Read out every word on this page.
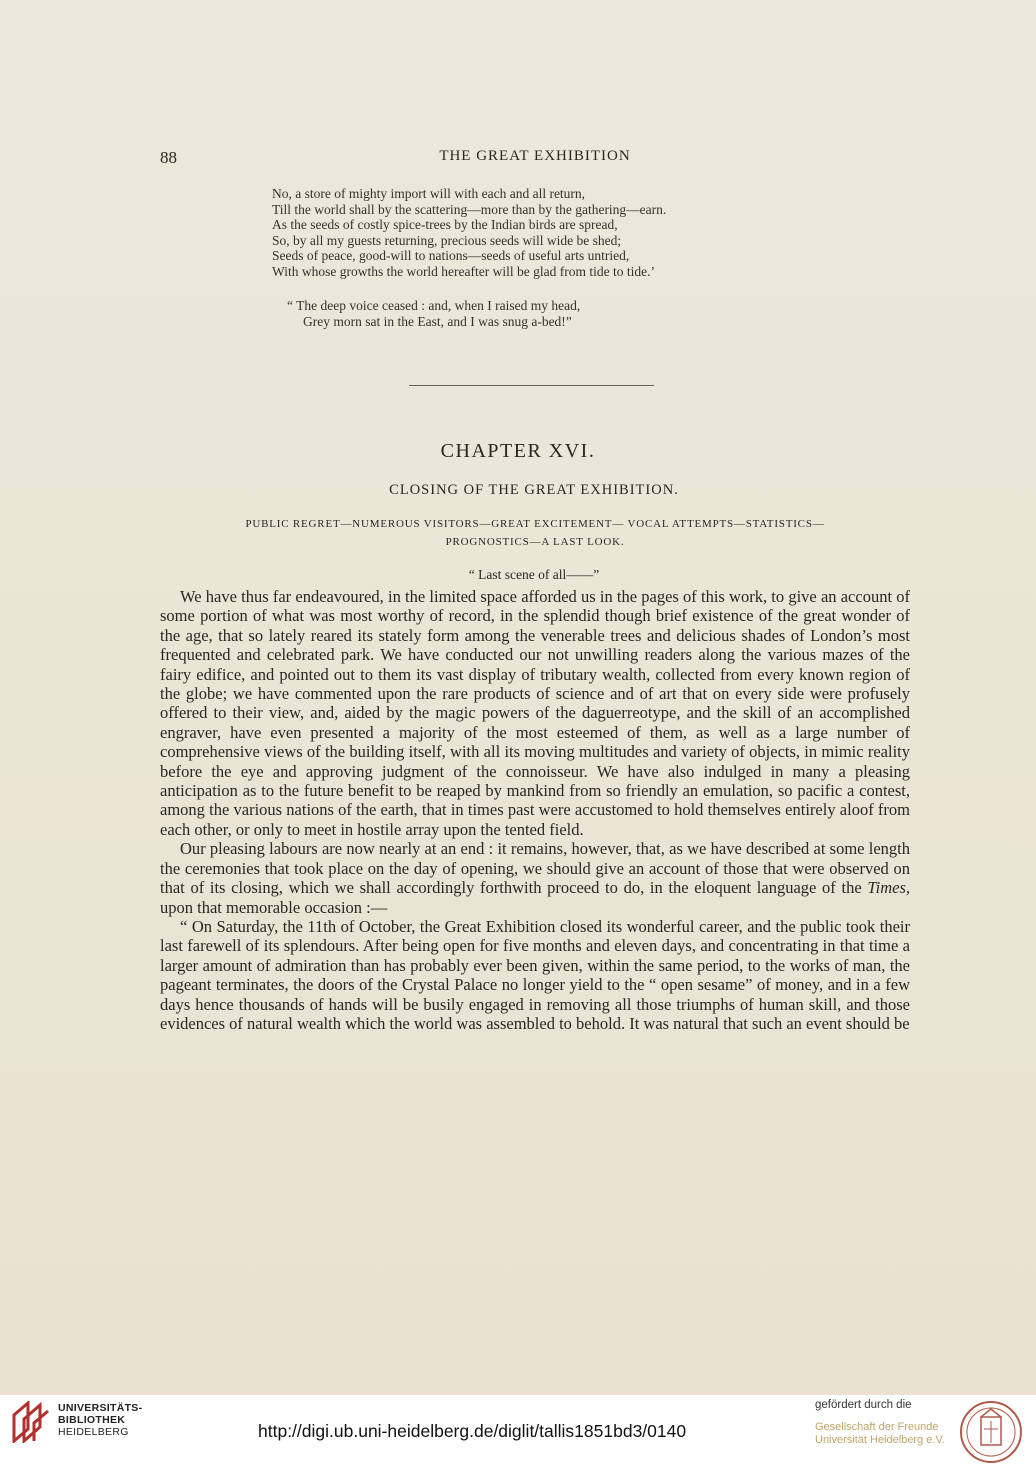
88	THE GREAT EXHIBITION
No, a store of mighty import will with each and all return,
Till the world shall by the scattering—more than by the gathering—earn.
As the seeds of costly spice-trees by the Indian birds are spread,
So, by all my guests returning, precious seeds will wide be shed;
Seeds of peace, good-will to nations—seeds of useful arts untried,
With whose growths the world hereafter will be glad from tide to tide.’
“ The deep voice ceased : and, when I raised my head,
Grey morn sat in the East, and I was snug a-bed!”
CHAPTER XVI.
CLOSING OF THE GREAT EXHIBITION.
PUBLIC REGRET—NUMEROUS VISITORS—GREAT EXCITEMENT— VOCAL ATTEMPTS—STATISTICS—
PROGNOSTICS—A LAST LOOK.
“ Last scene of all——”

We have thus far endeavoured, in the limited space afforded us in the pages of this work, to give an account of some portion of what was most worthy of record, in the splendid though brief existence of the great wonder of the age, that so lately reared its stately form among the venerable trees and delicious shades of London’s most frequented and celebrated park. We have conducted our not unwilling readers along the various mazes of the fairy edifice, and pointed out to them its vast display of tributary wealth, collected from every known region of the globe; we have commented upon the rare products of science and of art that on every side were profusely offered to their view, and, aided by the magic powers of the daguerreotype, and the skill of an accomplished engraver, have even presented a majority of the most esteemed of them, as well as a large number of comprehensive views of the building itself, with all its moving multitudes and variety of objects, in mimic reality before the eye and approving judgment of the connoisseur. We have also indulged in many a pleasing anticipation as to the future benefit to be reaped by mankind from so friendly an emulation, so pacific a contest, among the various nations of the earth, that in times past were accustomed to hold themselves entirely aloof from each other, or only to meet in hostile array upon the tented field.

Our pleasing labours are now nearly at an end : it remains, however, that, as we have described at some length the ceremonies that took place on the day of opening, we should give an account of those that were observed on that of its closing, which we shall accordingly forthwith proceed to do, in the eloquent language of the Times, upon that memorable occasion :—

“ On Saturday, the 11th of October, the Great Exhibition closed its wonderful career, and the public took their last farewell of its splendours. After being open for five months and eleven days, and concentrating in that time a larger amount of admiration than has probably ever been given, within the same period, to the works of man, the pageant terminates, the doors of the Crystal Palace no longer yield to the “ open sesame” of money, and in a few days hence thousands of hands will be busily engaged in removing all those triumphs of human skill, and those evidences of natural wealth which the world was assembled to behold. It was natural that such an event should be

UNIVERSITÄTS-
BIBLIOTHEK
HEIDELBERG	http://digi.ub.uni-heidelberg.de/diglit/tallis1851bd3/0140
gefördert durch die
Gesellschaft der Freunde
Universität Heidelberg e.V.
